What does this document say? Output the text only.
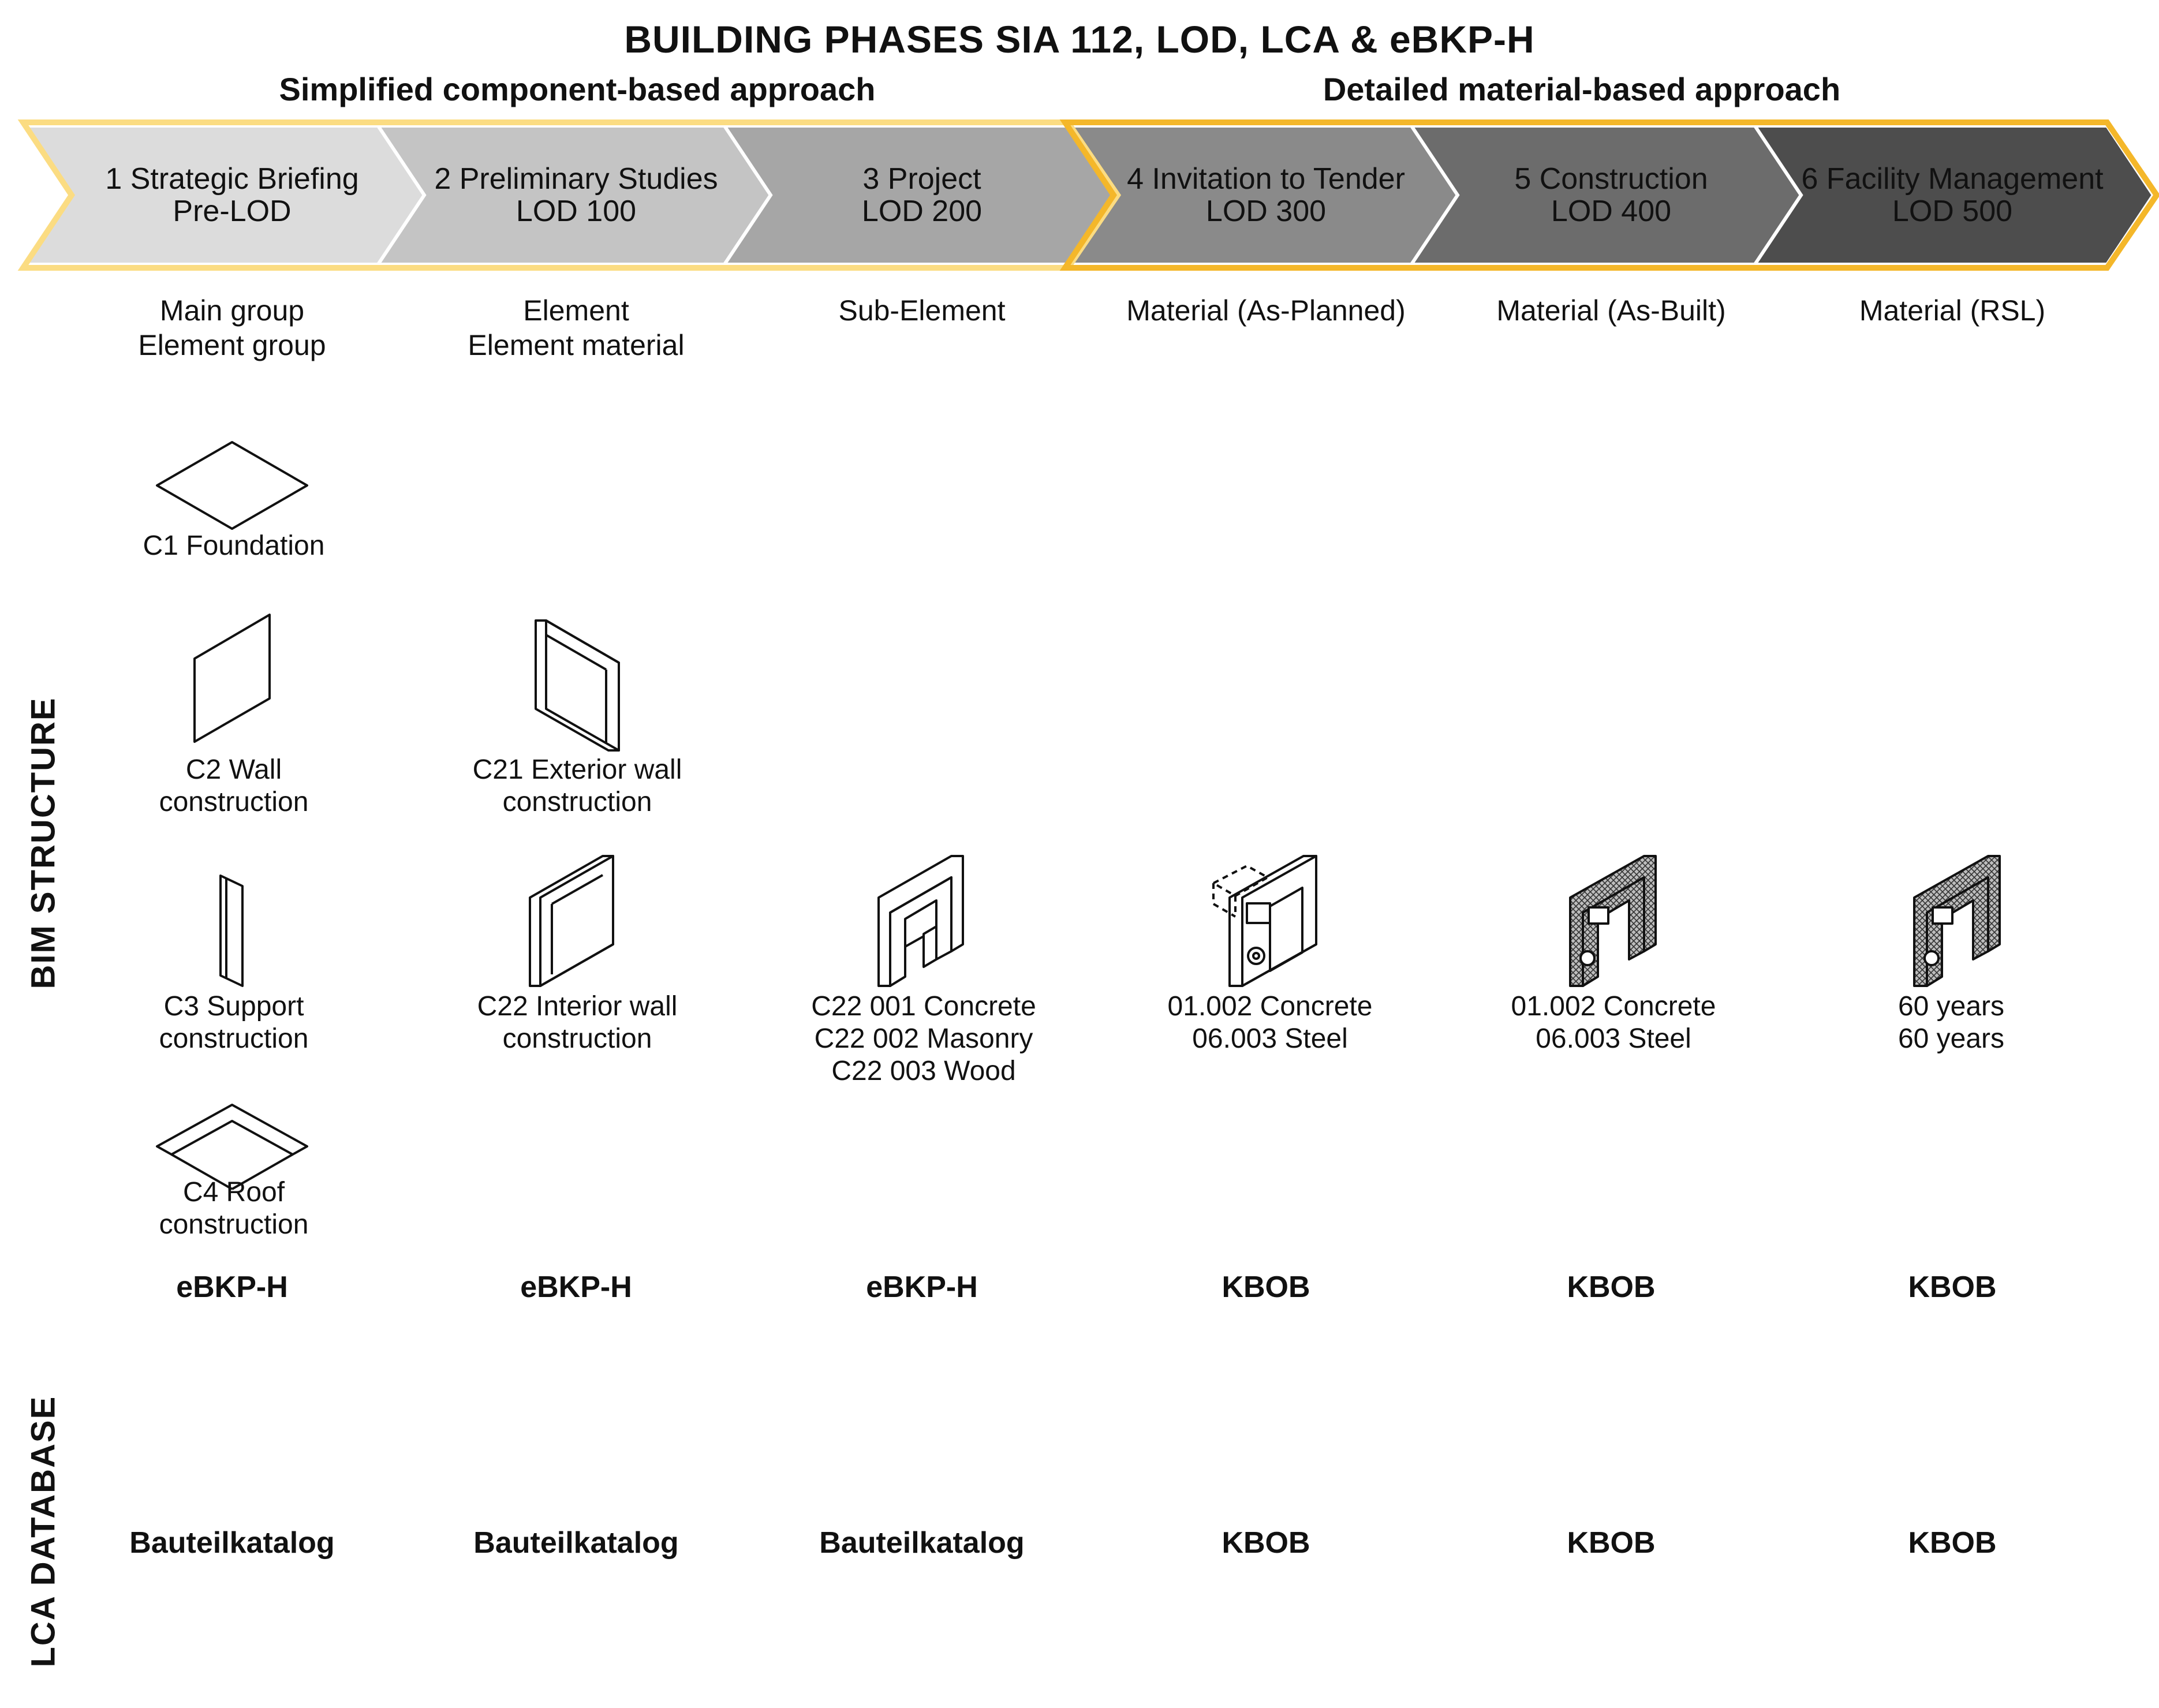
BUILDING PHASES SIA 112, LOD, LCA & eBKP-H
Simplified component-based approach	Detailed material-based approach
1 Strategic Briefing
Pre-LOD
Main group
Element group
2 Preliminary Studies
LOD 100
Element
Element material
3 Project
LOD 200
Sub-Element
4 Invitation to Tender
LOD 300
Material (As-Planned)
5 Construction
LOD 400
Material (As-Built)
6 Facility Management
LOD 500
Material (RSL)
C1 Foundation
C2 Wall
construction
C3 Support
construction
C4 Roof
construction
C21 Exterior wall
construction
C22 Interior wall
construction
C22 001 Concrete
C22 002 Masonry
C22 003 Wood
01.002 Concrete
06.003 Steel
01.002 Concrete
06.003 Steel
60 years
60 years
eBKP-H
Bauteilkatalog
eBKP-H
Bauteilkatalog
eBKP-H
Bauteilkatalog
KBOB
KBOB
KBOB
KBOB
KBOB
KBOB
BIM STRUCTURE
LCA DATABASE
